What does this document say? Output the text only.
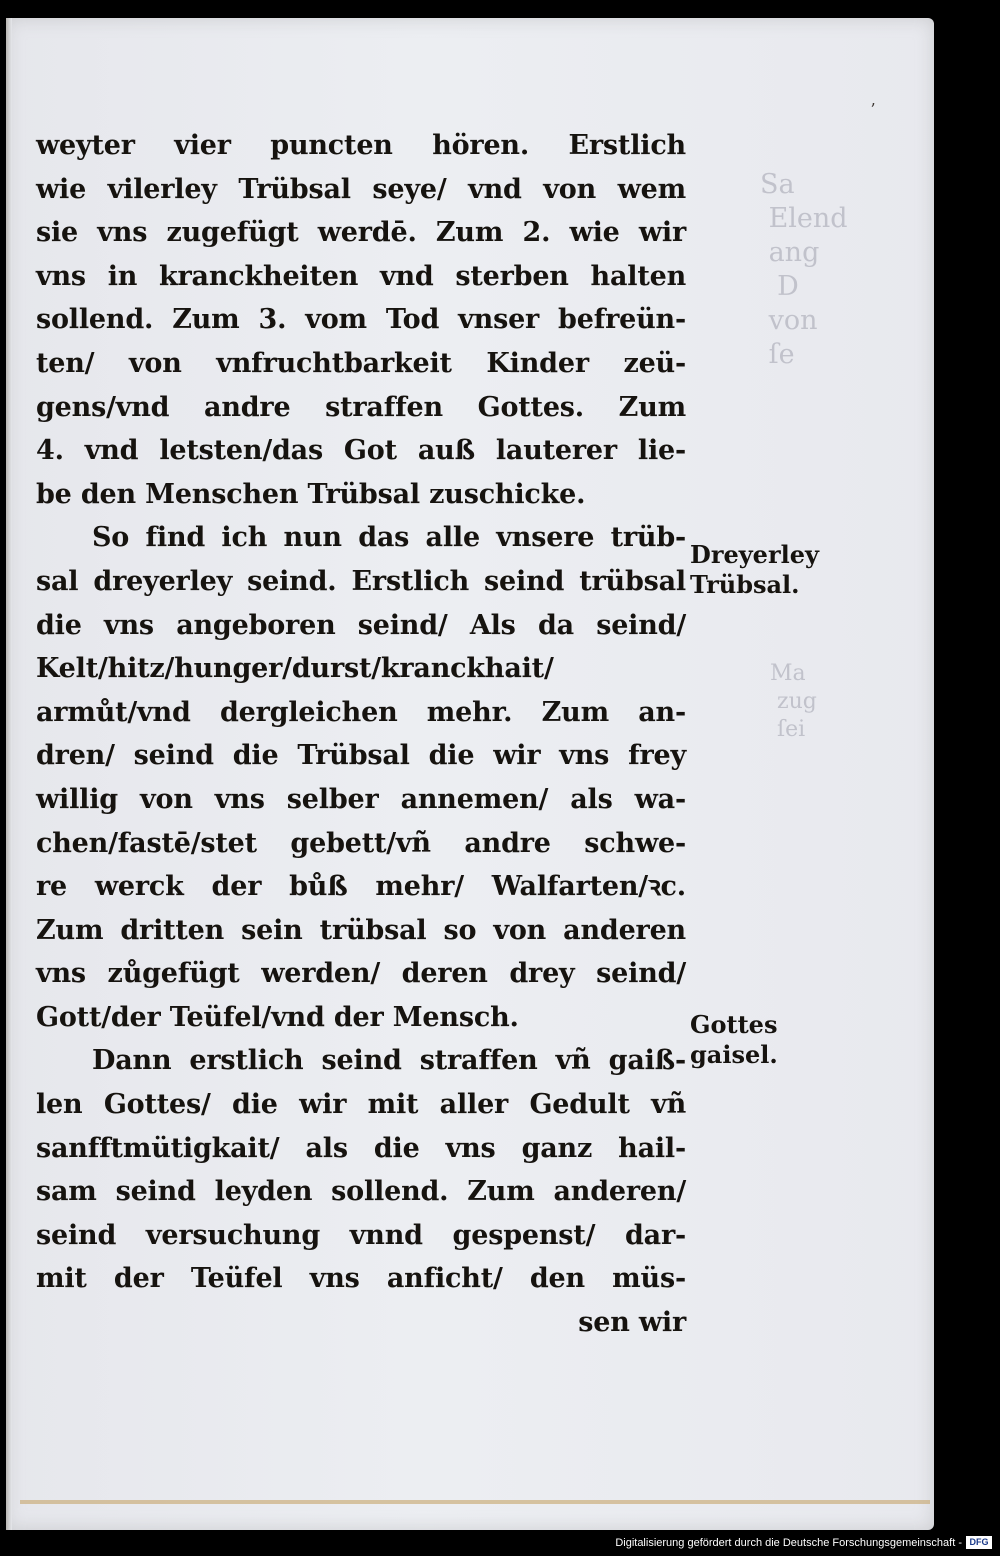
Sa
Elend
ang
D
von
ſe
Ma
zug
ſei
ʼ
weyter vier puncten hören. Erstlich
wie vilerley Trübsal seye/ vnd von wem
sie vns zugefügt werdē. Zum 2. wie wir
vns in kranckheiten vnd sterben halten
sollend. Zum 3. vom Tod vnser befreün-
ten/ von vnfruchtbarkeit Kinder zeü-
gens/vnd andre straffen Gottes. Zum
4. vnd letsten/das Got auß lauterer lie-
be den Menschen Trübsal zuschicke.
So find ich nun das alle vnsere trüb-
sal dreyerley seind. Erstlich seind trübsal
die vns angeboren seind/ Als da seind/
Kelt/hitz/hunger/durst/kranckhait/
armůt/vnd dergleichen mehr. Zum an-
dren/ seind die Trübsal die wir vns frey
willig von vns selber annemen/ als wa-
chen/fastē/stet gebett/vñ andre schwe-
re werck der bůß mehr/ Walfarten/ꝛc.
Zum dritten sein trübsal so von anderen
vns zůgefügt werden/ deren drey seind/
Gott/der Teüfel/vnd der Mensch.
Dann erstlich seind straffen vñ gaiß-
len Gottes/ die wir mit aller Gedult vñ
sanfftmütigkait/ als die vns ganz hail-
sam seind leyden sollend. Zum anderen/
seind versuchung vnnd gespenst/ dar-
mit der Teüfel vns anficht/ den müs-
sen wir
Dreyerley
Trübsal.
Gottes
gaisel.
Digitalisierung gefördert durch die Deutsche Forschungsgemeinschaft - DFG
